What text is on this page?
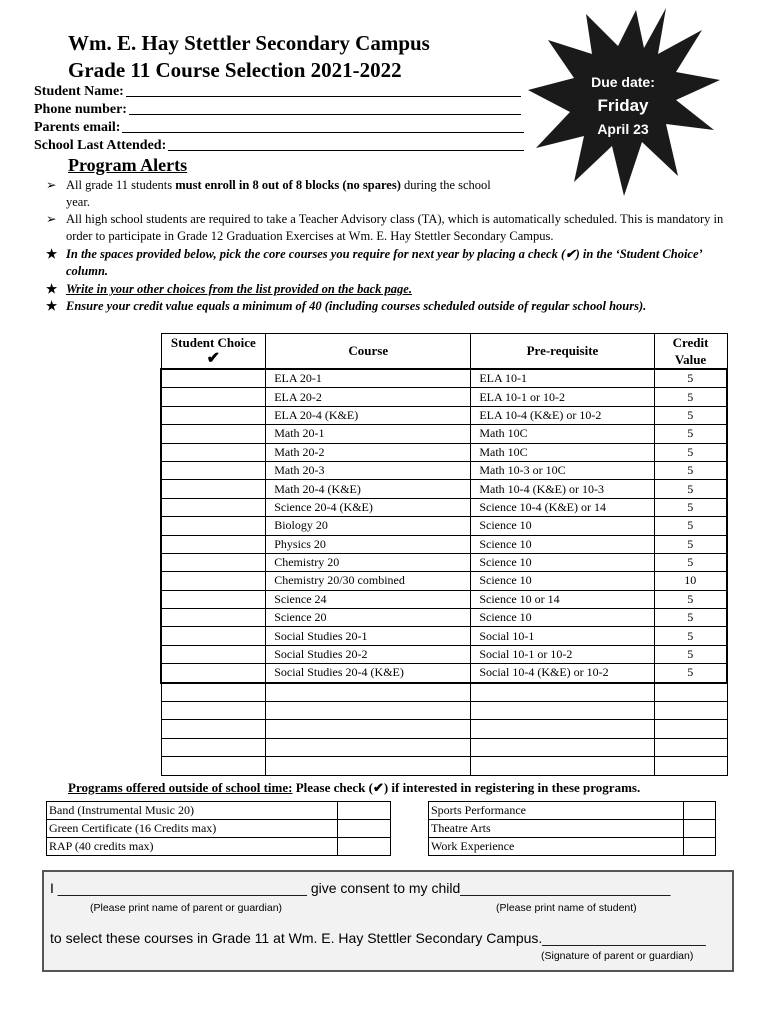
Wm. E. Hay Stettler Secondary Campus
Grade 11 Course Selection 2021-2022
Student Name:
Phone number:
Parents email:
School Last Attended:
Due date:
Friday
April 23
Program Alerts
➢ All grade 11 students must enroll in 8 out of 8 blocks (no spares) during the school year.
➢ All high school students are required to take a Teacher Advisory class (TA), which is automatically scheduled. This is mandatory in order to participate in Grade 12 Graduation Exercises at Wm. E. Hay Stettler Secondary Campus.
★ In the spaces provided below, pick the core courses you require for next year by placing a check (✔) in the ‘Student Choice’ column.
★ Write in your other choices from the list provided on the back page.
★ Ensure your credit value equals a minimum of 40 (including courses scheduled outside of regular school hours).
Student Choice
✔	Course	Pre-requisite	Credit Value
	ELA 20-1	ELA 10-1	5
	ELA 20-2	ELA 10-1 or 10-2	5
	ELA 20-4 (K&E)	ELA 10-4 (K&E) or 10-2	5
	Math 20-1	Math 10C	5
	Math 20-2	Math 10C	5
	Math 20-3	Math 10-3 or 10C	5
	Math 20-4 (K&E)	Math 10-4 (K&E) or 10-3	5
	Science 20-4 (K&E)	Science 10-4 (K&E) or 14	5
	Biology 20	Science 10	5
	Physics 20	Science 10	5
	Chemistry 20	Science 10	5
	Chemistry 20/30 combined	Science 10	10
	Science 24	Science 10 or 14	5
	Science 20	Science 10	5
	Social Studies 20-1	Social 10-1	5
	Social Studies 20-2	Social 10-1 or 10-2	5
	Social Studies 20-4 (K&E)	Social 10-4 (K&E) or 10-2	5

Programs offered outside of school time: Please check (✔) if interested in registering in these programs.
Band (Instrumental Music 20)	
Green Certificate (16 Credits max)	
RAP (40 credits max)	
Sports Performance	
Theatre Arts	
Work Experience	
I ________________________________ give consent to my child___________________________
(Please print name of parent or guardian)	(Please print name of student)
to select these courses in Grade 11 at Wm. E. Hay Stettler Secondary Campus._____________________
(Signature of parent or guardian)
